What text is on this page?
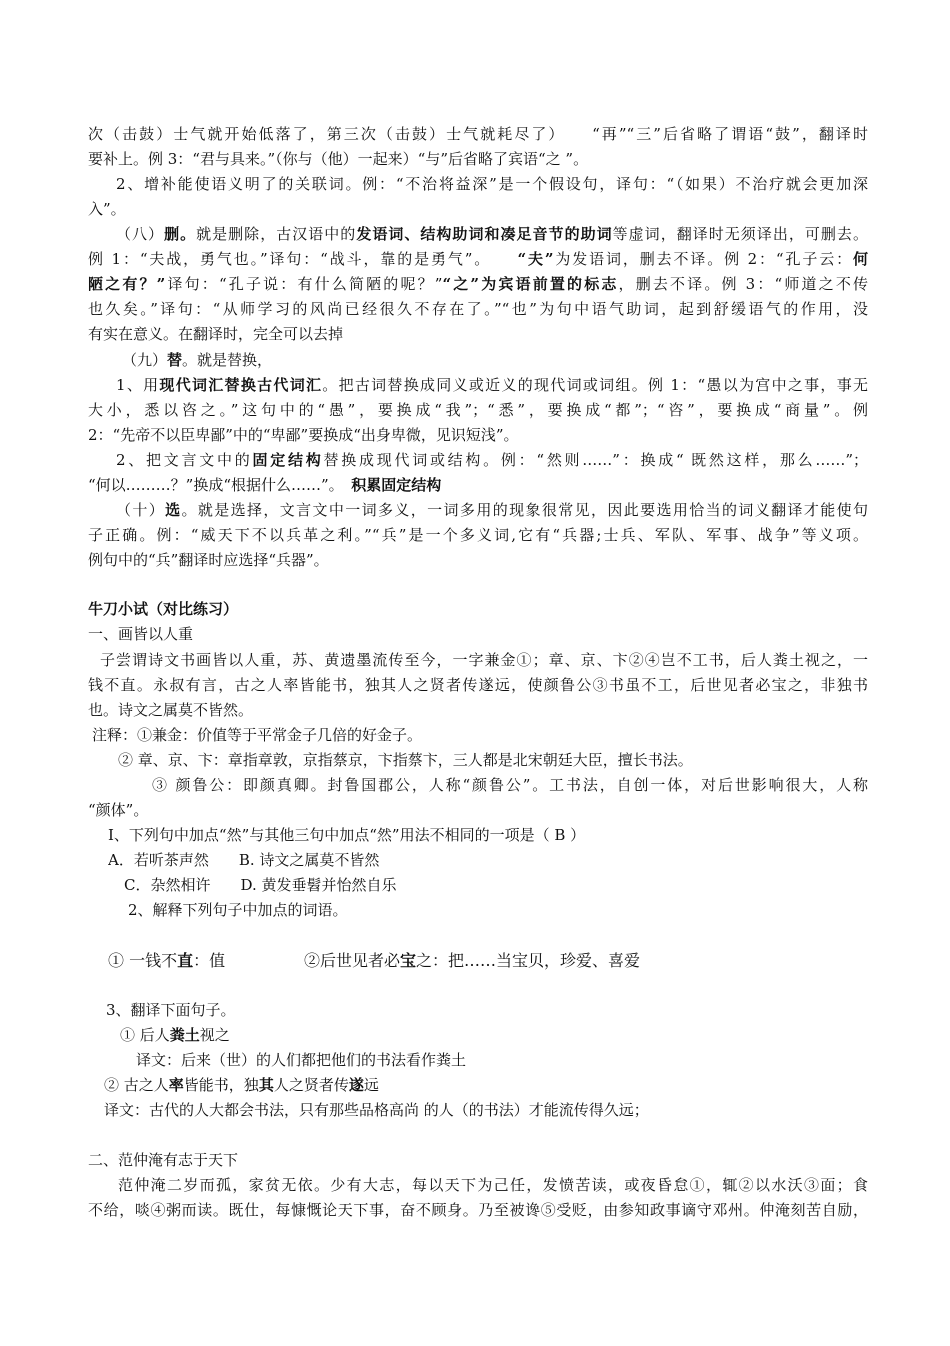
次（击鼓）士气就开始低落了，第三次（击鼓）士气就耗尽了）　　“再”“三”后省略了谓语“鼓”，翻译时
要补上。例 3：“君与具来。”（你与（他）一起来）“与”后省略了宾语“之 ”。
2、增补能使语义明了的关联词。例：“不治将益深”是一个假设句，译句：“（如果）不治疗就会更加深
入”。
（八）删。就是删除，古汉语中的发语词、结构助词和凑足音节的助词等虚词，翻译时无须译出，可删去。
例 1：“夫战，勇气也。”译句：“战斗，靠的是勇气”。　　“夫”为发语词，删去不译。例 2：“孔子云：何
陋之有？”译句：“孔子说：有什么简陋的呢？”“之”为宾语前置的标志，删去不译。例 3：“师道之不传
也久矣。”译句：“从师学习的风尚已经很久不存在了。”“也”为句中语气助词，起到舒缓语气的作用，没
有实在意义。在翻译时，完全可以去掉
（九）替。就是替换，
1、用现代词汇替换古代词汇。把古词替换成同义或近义的现代词或词组。例 1：“愚以为宫中之事，事无
大小，悉以咨之。”这句中的“愚”，要换成“我”；“悉”，要换成“都”；“咨”，要换成“商量”。例
2：“先帝不以臣卑鄙”中的“卑鄙”要换成“出身卑微，见识短浅”。
2、把文言文中的固定结构替换成现代词或结构。例：“然则……”：换成“ 既然这样，那么……”；
“何以………？”换成“根据什么……”。　积累固定结构
（十）选。就是选择，文言文中一词多义，一词多用的现象很常见，因此要选用恰当的词义翻译才能使句
子正确。例：“威天下不以兵革之利。”“兵”是一个多义词,它有“兵器;士兵、军队、军事、战争”等义项。
例句中的“兵”翻译时应选择“兵器”。
牛刀小试（对比练习）
一、画皆以人重
子尝谓诗文书画皆以人重，苏、黄遗墨流传至今，一字兼金①；章、京、卞②④岂不工书，后人粪土视之，一
钱不直。永叔有言，古之人率皆能书，独其人之贤者传遂远，使颜鲁公③书虽不工，后世见者必宝之，非独书
也。诗文之属莫不皆然。
注释：①兼金：价值等于平常金子几倍的好金子。
② 章、京、卞：章指章敦，京指蔡京，卞指蔡卞，三人都是北宋朝廷大臣，擅长书法。
③ 颜鲁公：即颜真卿。封鲁国郡公，人称“颜鲁公”。工书法，自创一体，对后世影响很大，人称
“颜体”。
I、下列句中加点“然”与其他三句中加点“然”用法不相同的一项是（ B ）
A．若听茶声然　　B. 诗文之属莫不皆然
C．杂然相许　　D. 黄发垂髫并怡然自乐
2、解释下列句子中加点的词语。
① 一钱不直：值	②后世见者必宝之：把……当宝贝，珍爱、喜爱
3、翻译下面句子。
① 后人粪土视之
译文：后来（世）的人们都把他们的书法看作粪土
② 古之人率皆能书，独其人之贤者传遂远
译文：古代的人大都会书法，只有那些品格高尚 的人（的书法）才能流传得久远；
二、范仲淹有志于天下
范仲淹二岁而孤，家贫无依。少有大志，每以天下为己任，发愤苦读，或夜昏怠①，辄②以水沃③面；食
不给，啖④粥而读。既仕，每慷慨论天下事，奋不顾身。乃至被谗⑤受贬，由参知政事谪守邓州。仲淹刻苦自励，
